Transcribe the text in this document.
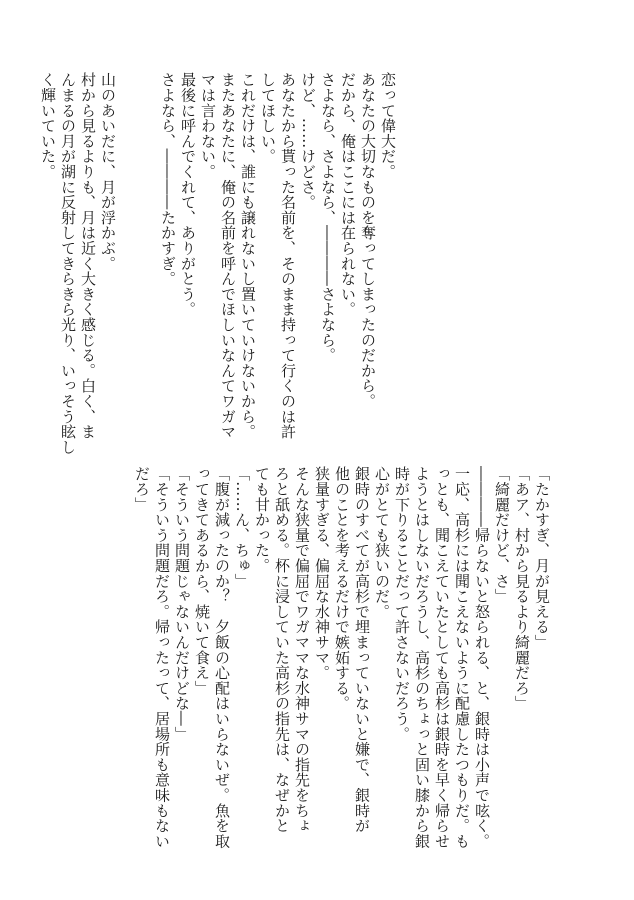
恋って偉大だ。
あなたの大切なものを奪ってしまったのだから。
だから、俺はここには在られない。
さよなら、さよなら、――――さよなら。
けど、……けどさ。
あなたから貰った名前を、そのまま持って行くのは許
してほしい。
これだけは、誰にも譲れないし置いていけないから。
またあなたに、俺の名前を呼んでほしいなんてワガマ
マは言わない。
最後に呼んでくれて、ありがとう。
さよなら、――――たかすぎ。
山のあいだに、月が浮かぶ。
村から見るよりも、月は近く大きく感じる。白く、ま
んまるの月が湖に反射してきらきら光り、いっそう眩し
く輝いていた。
「たかすぎ、月が見える」
「あア、村から見るより綺麗だろ」
「綺麗だけど、さ」
――――帰らないと怒られる、と、銀時は小声で呟く。
一応、高杉には聞こえないように配慮したつもりだ。も
っとも、聞こえていたとしても高杉は銀時を早く帰らせ
ようとはしないだろうし、高杉のちょっと固い膝から銀
時が下りることだって許さないだろう。
心がとても狭いのだ。
銀時のすべてが高杉で埋まっていないと嫌で、銀時が
他のことを考えるだけで嫉妬する。
狭量すぎる、偏屈な水神サマ。
そんな狭量で偏屈でワガママな水神サマの指先をちょ
ろと舐める。杯に浸していた高杉の指先は、なぜかと
ても甘かった。
「……ん、ちゅ」
「腹が減ったのか？　夕飯の心配はいらないぜ。魚を取
ってきてあるから、焼いて食え」
「そういう問題じゃないんだけどな―」
「そういう問題だろ。帰ったって、居場所も意味もない
だろ」
